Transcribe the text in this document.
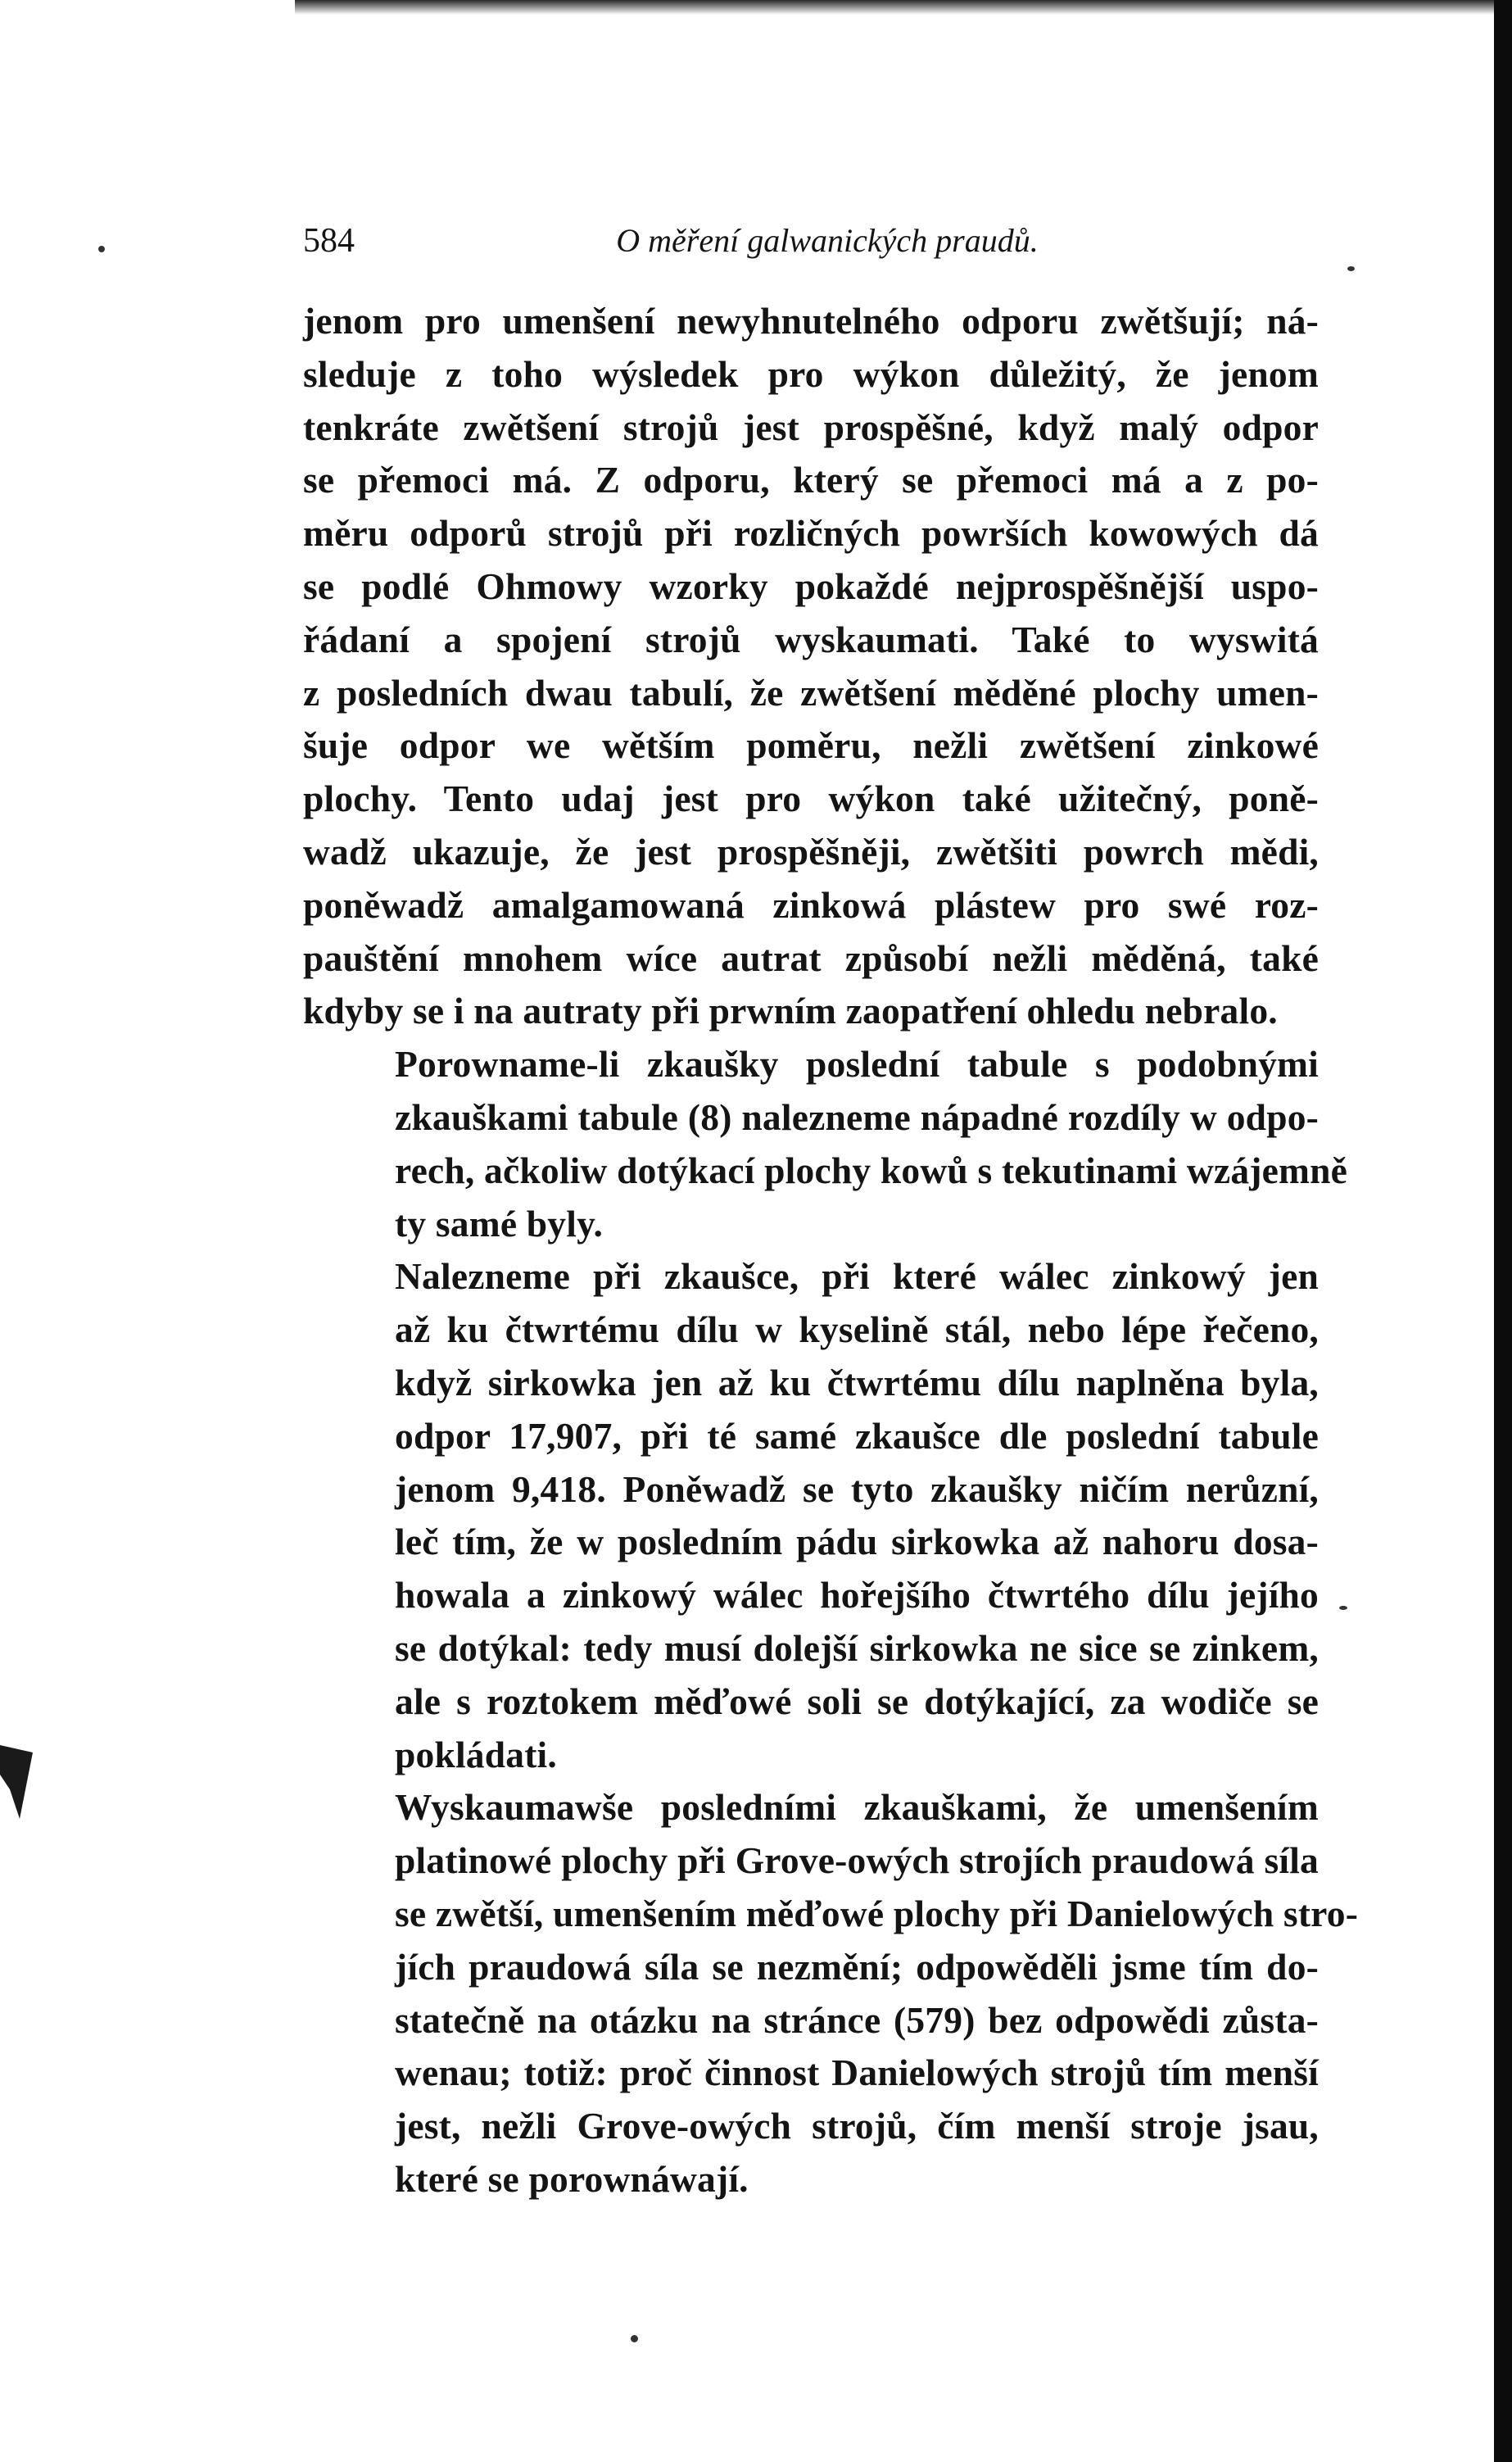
584	O měření galwanických praudů.

jenom pro umenšení newyhnutelného odporu zwětšují; ná-
sleduje z toho wýsledek pro wýkon důležitý, že jenom
tenkráte zwětšení strojů jest prospěšné, když malý odpor
se přemoci má. Z odporu, který se přemoci má a z po-
měru odporů strojů při rozličných powrších kowowých dá
se podlé Ohmowy wzorky pokaždé nejprospěšnější uspo-
řádaní a spojení strojů wyskaumati. Také to wyswitá
z posledních dwau tabulí, že zwětšení měděné plochy umen-
šuje odpor we wětším poměru, nežli zwětšení zinkowé
plochy. Tento udaj jest pro wýkon také užitečný, poně-
wadž ukazuje, že jest prospěšněji, zwětšiti powrch mědi,
poněwadž amalgamowaná zinkowá plástew pro swé roz-
pauštění mnohem wíce autrat způsobí nežli měděná, také
kdyby se i na autraty při prwním zaopatření ohledu nebralo.

Porowname-li zkaušky poslední tabule s podobnými
zkauškami tabule (8) nalezneme nápadné rozdíly w odpo-
rech, ačkoliw dotýkací plochy kowů s tekutinami wzájemně
ty samé byly.

Nalezneme při zkaušce, při které wálec zinkowý jen
až ku čtwrtému dílu w kyselině stál, nebo lépe řečeno,
když sirkowka jen až ku čtwrtému dílu naplněna byla,
odpor 17,907, při té samé zkaušce dle poslední tabule
jenom 9,418. Poněwadž se tyto zkaušky ničím nerůzní,
leč tím, že w posledním pádu sirkowka až nahoru dosa-
howala a zinkowý wálec hořejšího čtwrtého dílu jejího
se dotýkal: tedy musí dolejší sirkowka ne sice se zinkem,
ale s roztokem měďowé soli se dotýkající, za wodiče se
pokládati.

Wyskaumawše posledními zkauškami, že umenšením
platinowé plochy při Grove-owých strojích praudowá síla
se zwětší, umenšením měďowé plochy při Danielowých stro-
jích praudowá síla se nezmění; odpowěděli jsme tím do-
statečně na otázku na stránce (579) bez odpowědi zůsta-
wenau; totiž: proč činnost Danielowých strojů tím menší
jest, nežli Grove-owých strojů, čím menší stroje jsau,
které se porownáwají.
